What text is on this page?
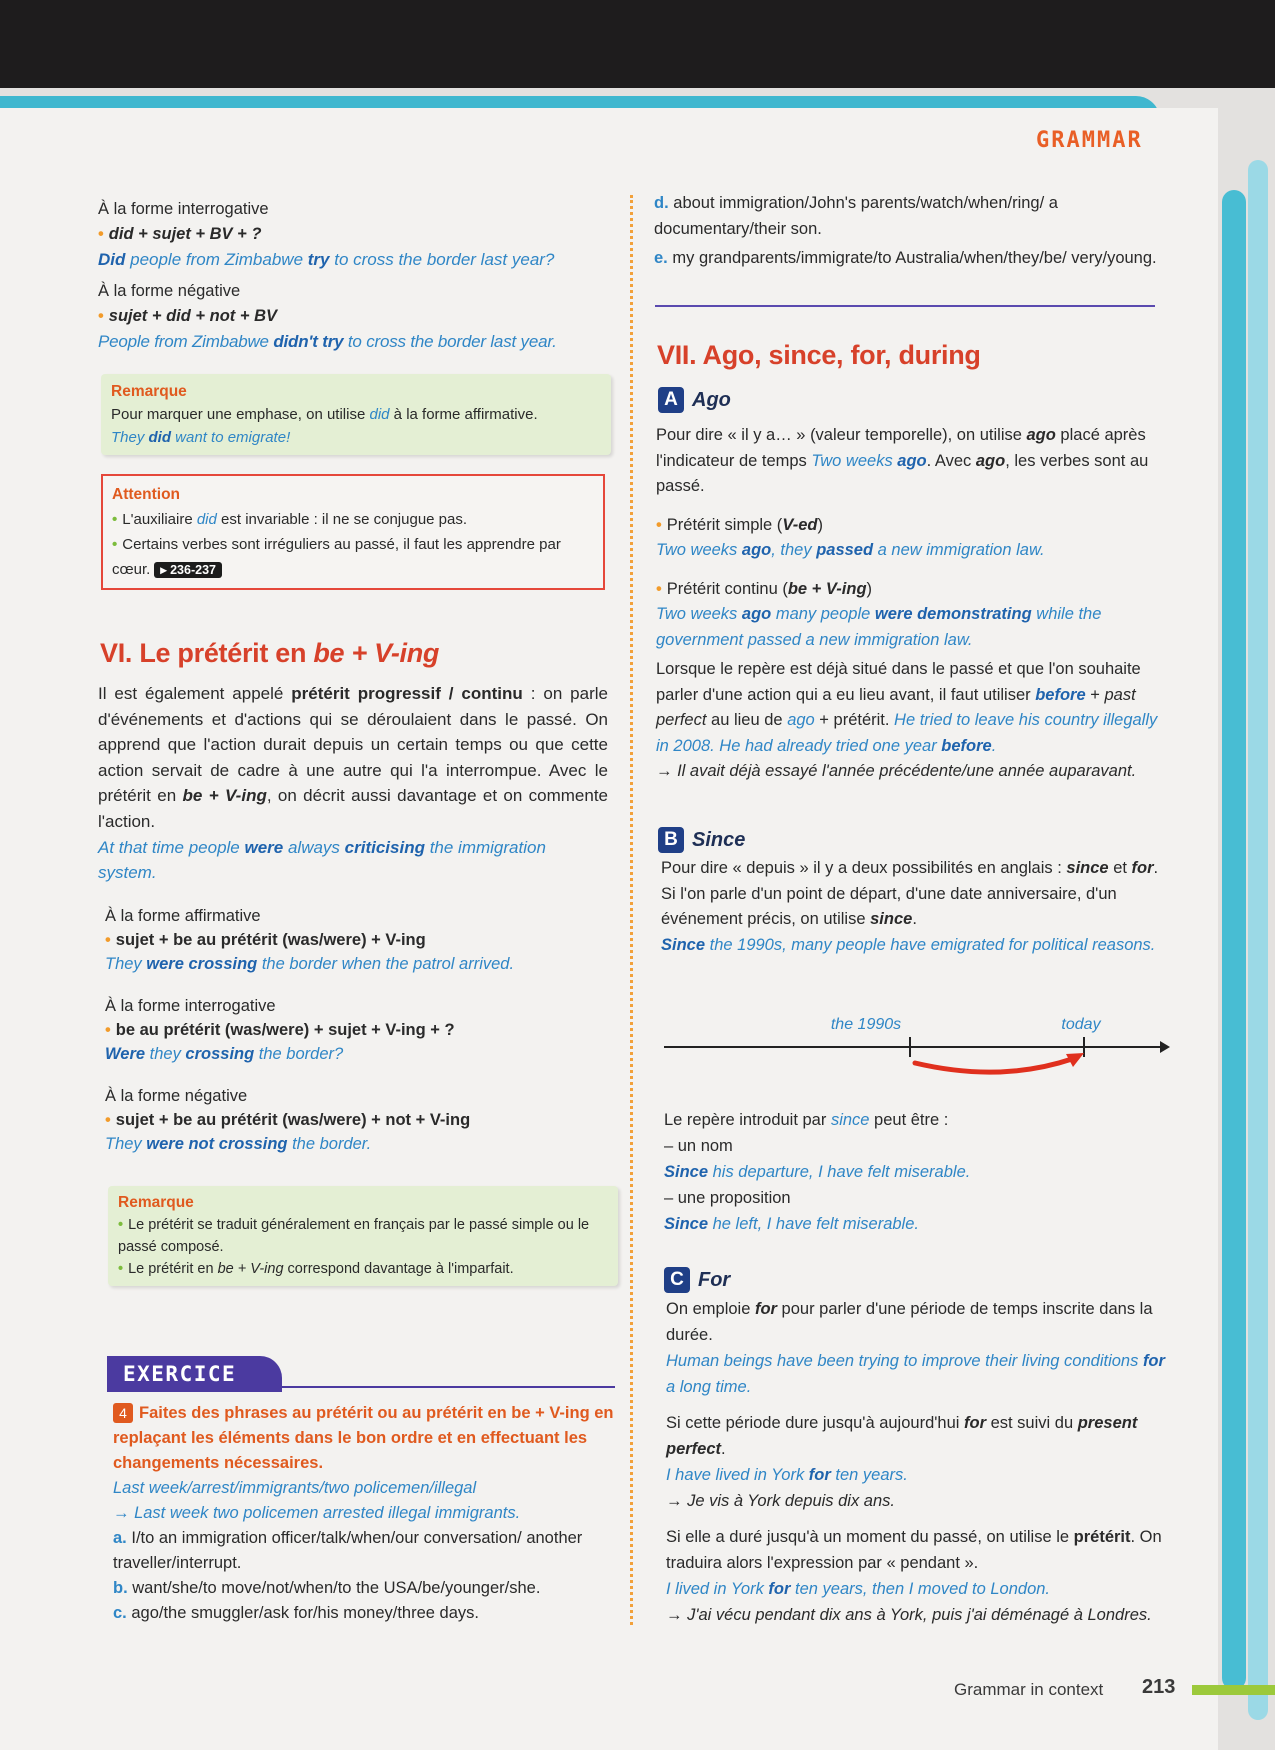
GRAMMAR

À la forme interrogative

• did + sujet + BV + ?

Did people from Zimbabwe try to cross the border last year?

À la forme négative

• sujet + did + not + BV

People from Zimbabwe didn't try to cross the border last year.

Remarque
Pour marquer une emphase, on utilise did à la forme affirmative.
They did want to emigrate!
Attention
• L'auxiliaire did est invariable : il ne se conjugue pas.
• Certains verbes sont irréguliers au passé, il faut les apprendre par cœur. ▸ 236-237
VI. Le prétérit en be + V-ing

Il est également appelé prétérit progressif / continu : on parle d'événements et d'actions qui se déroulaient dans le passé. On apprend que l'action durait depuis un certain temps ou que cette action servait de cadre à une autre qui l'a interrompue. Avec le prétérit en be + V-ing, on décrit aussi davantage et on commente l'action.

At that time people were always criticising the immigration system.

À la forme affirmative

• sujet + be au prétérit (was/were) + V-ing

They were crossing the border when the patrol arrived.

À la forme interrogative

• be au prétérit (was/were) + sujet + V-ing + ?

Were they crossing the border?

À la forme négative

• sujet + be au prétérit (was/were) + not + V-ing

They were not crossing the border.

Remarque
• Le prétérit se traduit généralement en français par le passé simple ou le passé composé.
• Le prétérit en be + V-ing correspond davantage à l'imparfait.
EXERCICE

4 Faites des phrases au prétérit ou au prétérit en be + V-ing en replaçant les éléments dans le bon ordre et en effectuant les changements nécessaires.

Last week/arrest/immigrants/two policemen/illegal

→ Last week two policemen arrested illegal immigrants.

a. I/to an immigration officer/talk/when/our conversation/ another traveller/interrupt.

b. want/she/to move/not/when/to the USA/be/younger/she.

c. ago/the smuggler/ask for/his money/three days.

d. about immigration/John's parents/watch/when/ring/ a documentary/their son.

e. my grandparents/immigrate/to Australia/when/they/be/ very/young.

VII. Ago, since, for, during
A Ago

Pour dire « il y a… » (valeur temporelle), on utilise ago placé après l'indicateur de temps Two weeks ago. Avec ago, les verbes sont au passé.

• Prétérit simple (V-ed)

Two weeks ago, they passed a new immigration law.

• Prétérit continu (be + V-ing)

Two weeks ago many people were demonstrating while the government passed a new immigration law.

Lorsque le repère est déjà situé dans le passé et que l'on souhaite parler d'une action qui a eu lieu avant, il faut utiliser before + past perfect au lieu de ago + prétérit. He tried to leave his country illegally in 2008. He had already tried one year before.

→ Il avait déjà essayé l'année précédente/une année auparavant.

B Since

Pour dire « depuis » il y a deux possibilités en anglais : since et for.

Si l'on parle d'un point de départ, d'une date anniversaire, d'un événement précis, on utilise since.

Since the 1990s, many people have emigrated for political reasons.

the 1990s	today

Le repère introduit par since peut être :

– un nom

Since his departure, I have felt miserable.

– une proposition

Since he left, I have felt miserable.

C For

On emploie for pour parler d'une période de temps inscrite dans la durée.

Human beings have been trying to improve their living conditions for a long time.

Si cette période dure jusqu'à aujourd'hui for est suivi du present perfect.

I have lived in York for ten years.

→ Je vis à York depuis dix ans.

Si elle a duré jusqu'à un moment du passé, on utilise le prétérit. On traduira alors l'expression par « pendant ».

I lived in York for ten years, then I moved to London.

→ J'ai vécu pendant dix ans à York, puis j'ai déménagé à Londres.

Grammar in context 213
